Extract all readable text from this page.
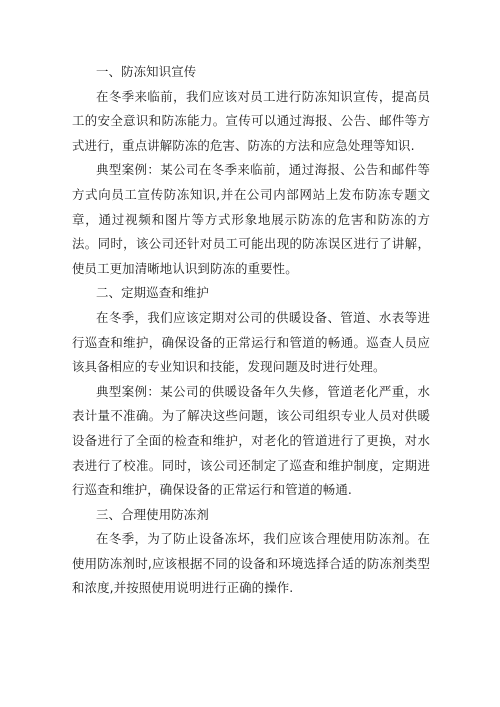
一、防冻知识宣传

在冬季来临前，我们应该对员工进行防冻知识宣传，提高员工的安全意识和防冻能力。宣传可以通过海报、公告、邮件等方式进行，重点讲解防冻的危害、防冻的方法和应急处理等知识.

典型案例：某公司在冬季来临前，通过海报、公告和邮件等方式向员工宣传防冻知识,并在公司内部网站上发布防冻专题文章，通过视频和图片等方式形象地展示防冻的危害和防冻的方法。同时，该公司还针对员工可能出现的防冻误区进行了讲解，使员工更加清晰地认识到防冻的重要性。

二、定期巡查和维护

在冬季，我们应该定期对公司的供暖设备、管道、水表等进行巡查和维护，确保设备的正常运行和管道的畅通。巡查人员应该具备相应的专业知识和技能，发现问题及时进行处理。

典型案例：某公司的供暖设备年久失修，管道老化严重，水表计量不准确。为了解决这些问题，该公司组织专业人员对供暖设备进行了全面的检查和维护，对老化的管道进行了更换，对水表进行了校准。同时，该公司还制定了巡查和维护制度，定期进行巡查和维护，确保设备的正常运行和管道的畅通.

三、合理使用防冻剂

在冬季，为了防止设备冻坏，我们应该合理使用防冻剂。在使用防冻剂时,应该根据不同的设备和环境选择合适的防冻剂类型和浓度,并按照使用说明进行正确的操作.
